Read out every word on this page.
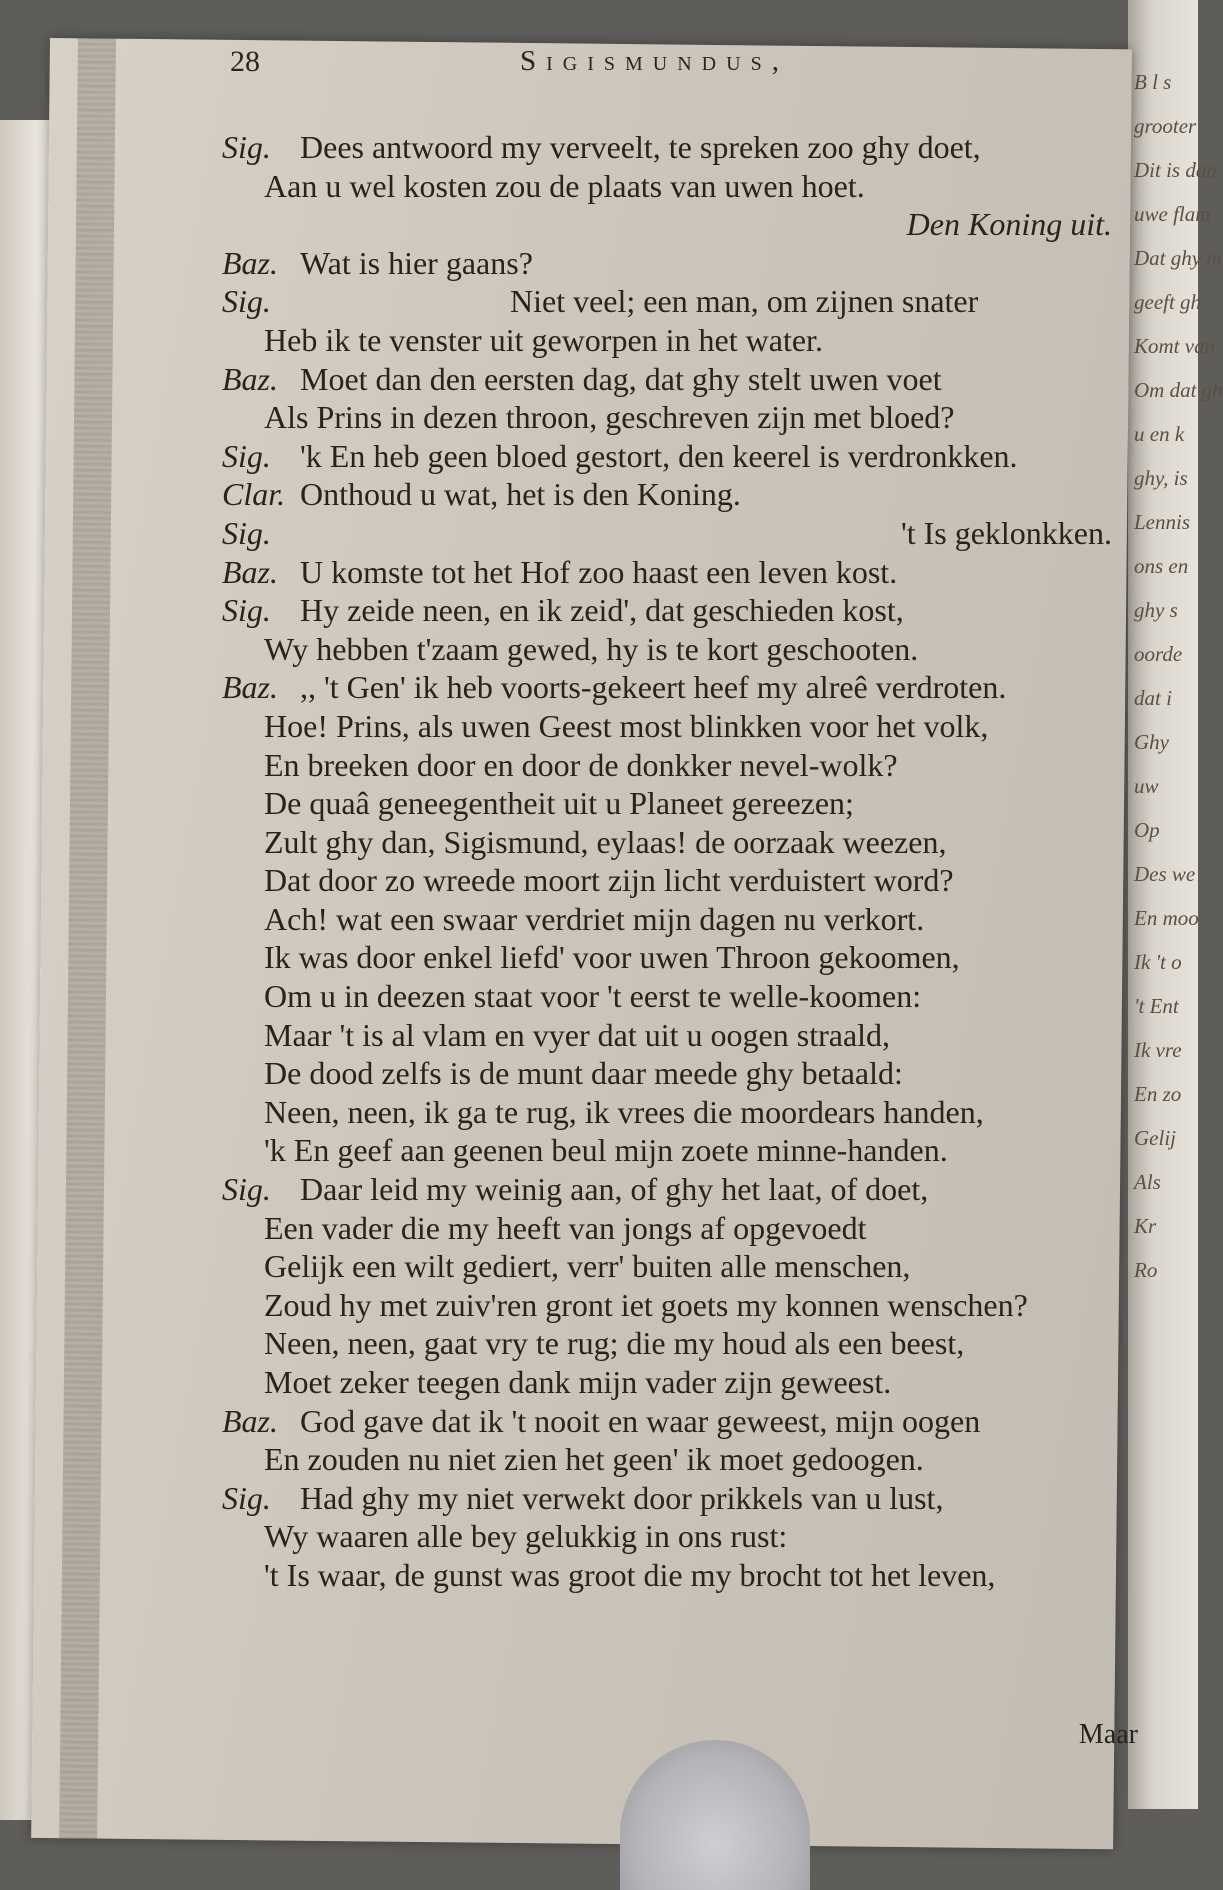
B l s
grooter
Dit is dan
uwe flam
Dat ghy m
geeft gh
Komt van
Om dat gh
u en k
ghy, is
Lennis
ons en
ghy s
oorde
dat i
Ghy
uw
Op
Des we
En moo
Ik 't o
't Ent
Ik vre
En zo
Gelij
Als
Kr
Ro
28	Sigismundus,
Sig. Dees antwoord my verveelt, te spreken zoo ghy doet,
Aan u wel kosten zou de plaats van uwen hoet.
Den Koning uit.
Baz. Wat is hier gaans?
Sig.	Niet veel; een man, om zijnen snater
Heb ik te venster uit geworpen in het water.
Baz. Moet dan den eersten dag, dat ghy stelt uwen voet
Als Prins in dezen throon, geschreven zijn met bloed?
Sig. 'k En heb geen bloed gestort, den keerel is verdronkken.
Clar. Onthoud u wat, het is den Koning.
Sig.	't Is geklonkken.
Baz. U komste tot het Hof zoo haast een leven kost.
Sig. Hy zeide neen, en ik zeid', dat geschieden kost,
Wy hebben t'zaam gewed, hy is te kort geschooten.
Baz. ,, 't Gen' ik heb voorts-gekeert heef my alreê verdroten.
Hoe! Prins, als uwen Geest most blinkken voor het volk,
En breeken door en door de donkker nevel-wolk?
De quaâ geneegentheit uit u Planeet gereezen;
Zult ghy dan, Sigismund, eylaas! de oorzaak weezen,
Dat door zo wreede moort zijn licht verduistert word?
Ach! wat een swaar verdriet mijn dagen nu verkort.
Ik was door enkel liefd' voor uwen Throon gekoomen,
Om u in deezen staat voor 't eerst te welle-koomen:
Maar 't is al vlam en vyer dat uit u oogen straald,
De dood zelfs is de munt daar meede ghy betaald:
Neen, neen, ik ga te rug, ik vrees die moordears handen,
'k En geef aan geenen beul mijn zoete minne-handen.
Sig. Daar leid my weinig aan, of ghy het laat, of doet,
Een vader die my heeft van jongs af opgevoedt
Gelijk een wilt gediert, verr' buiten alle menschen,
Zoud hy met zuiv'ren gront iet goets my konnen wenschen?
Neen, neen, gaat vry te rug; die my houd als een beest,
Moet zeker teegen dank mijn vader zijn geweest.
Baz. God gave dat ik 't nooit en waar geweest, mijn oogen
En zouden nu niet zien het geen' ik moet gedoogen.
Sig. Had ghy my niet verwekt door prikkels van u lust,
Wy waaren alle bey gelukkig in ons rust:
't Is waar, de gunst was groot die my brocht tot het leven,
Maar
